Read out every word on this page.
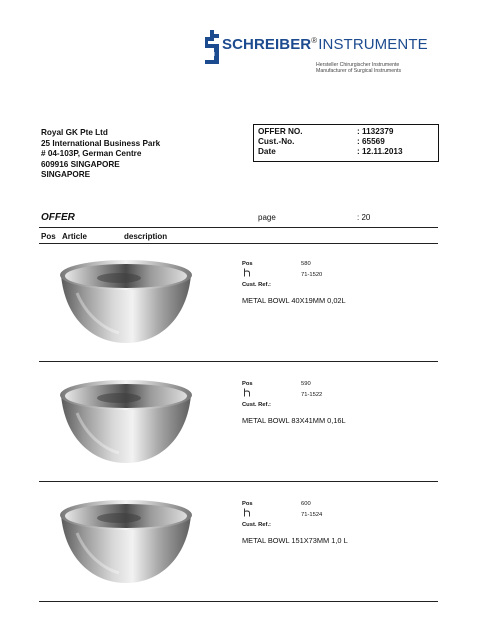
SCHREIBER®INSTRUMENTE
Hersteller Chirurgischer Instrumente
Manufacturer of Surgical Instruments
Royal GK Pte Ltd
25 International Business Park
# 04-103P, German Centre
609916 SINGAPORE
SINGAPORE
OFFER NO.	: 1132379
Cust.-No.	: 65569
Date	: 12.11.2013
OFFER	page	: 20
Pos Article	description
Pos	580
71-1520
Cust. Ref.:
METAL BOWL 40X19MM 0,02L
Pos	590
71-1522
Cust. Ref.:
METAL BOWL 83X41MM 0,16L
Pos	600
71-1524
Cust. Ref.:
METAL BOWL 151X73MM 1,0 L
